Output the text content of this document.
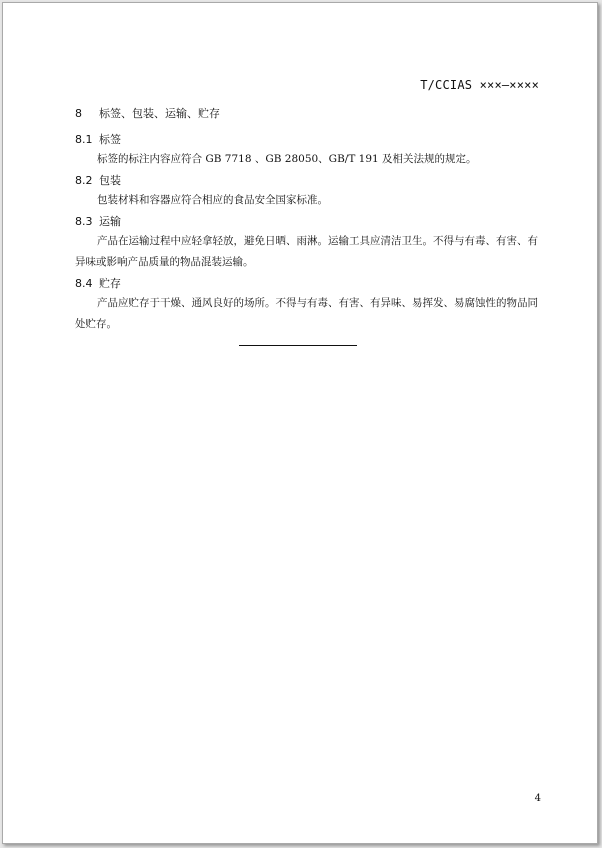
T/CCIAS ×××—××××
8 标签、包装、运输、贮存
8.1 标签
标签的标注内容应符合 GB 7718 、GB 28050、GB/T 191 及相关法规的规定。
8.2 包装
包装材料和容器应符合相应的食品安全国家标准。
8.3 运输
产品在运输过程中应轻拿轻放，避免日晒、雨淋。运输工具应清洁卫生。不得与有毒、有害、有异味或影响产品质量的物品混装运输。
8.4 贮存
产品应贮存于干燥、通风良好的场所。不得与有毒、有害、有异味、易挥发、易腐蚀性的物品同处贮存。
4
